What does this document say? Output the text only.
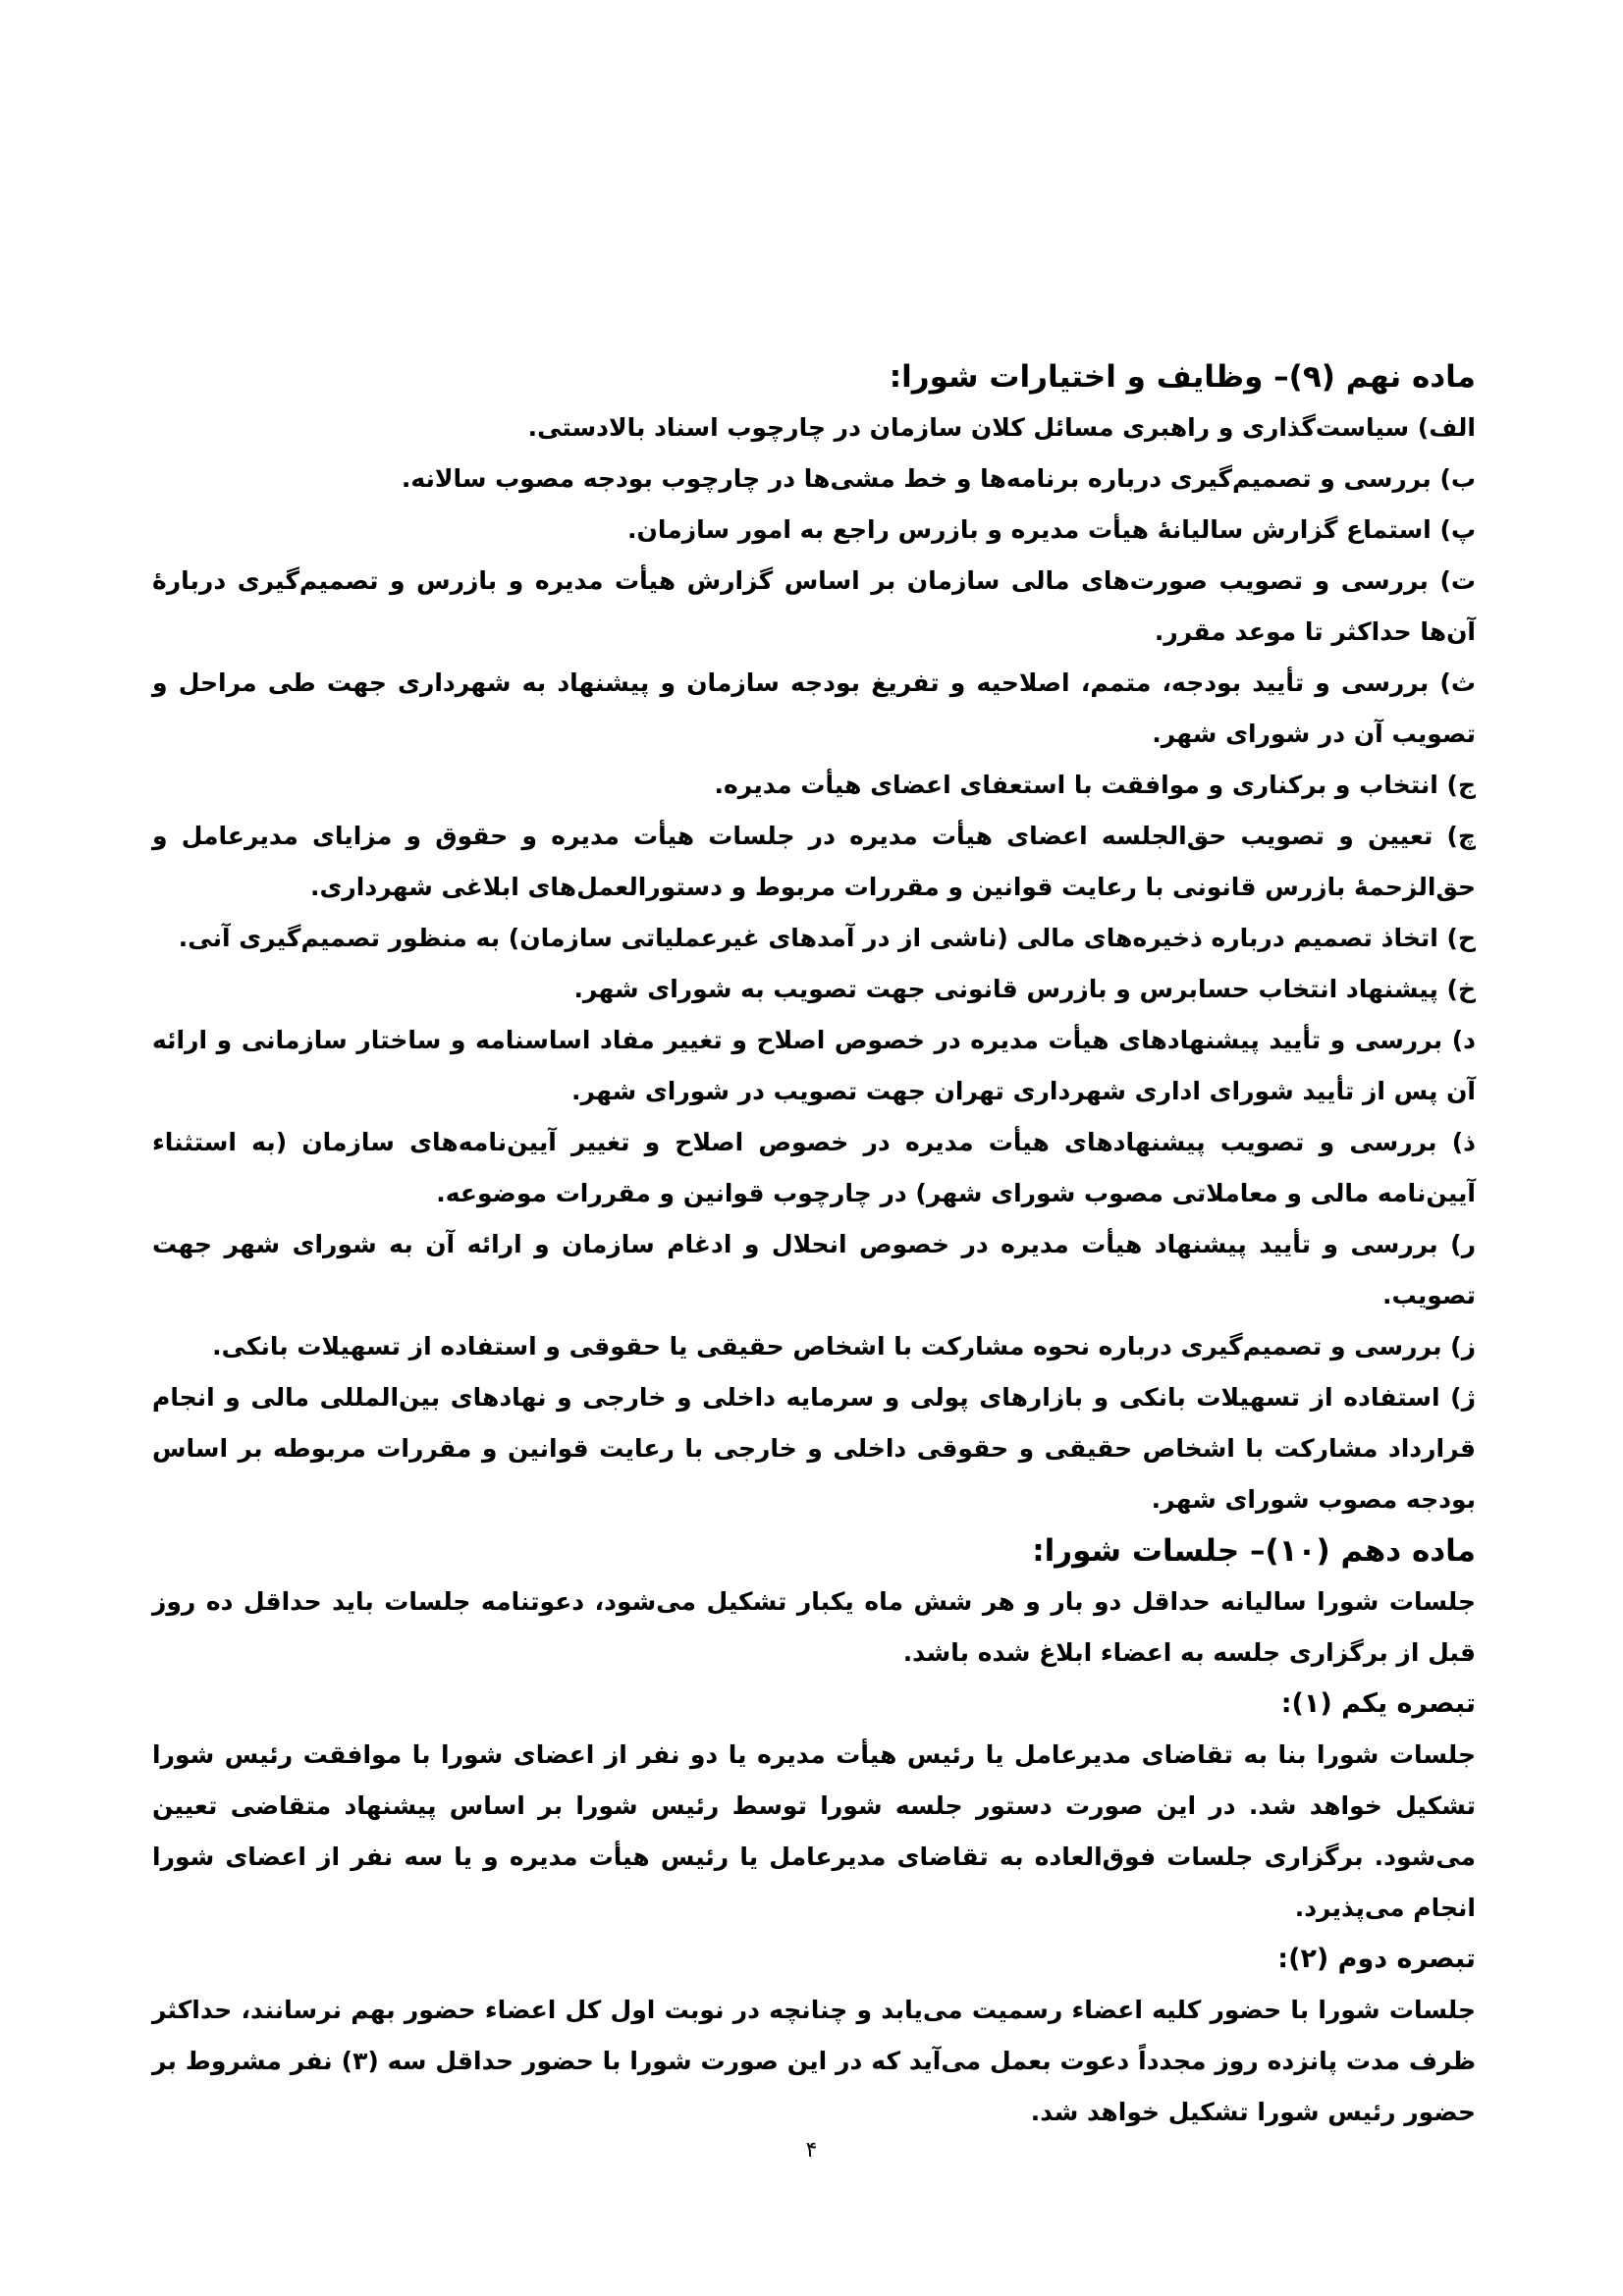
ماده نهم (۹)– وظایف و اختیارات شورا:

الف) سیاست‌گذاری و راهبری مسائل کلان سازمان در چارچوب اسناد بالادستی.

ب) بررسی و تصمیم‌گیری درباره برنامه‌ها و خط مشی‌ها در چارچوب بودجه مصوب سالانه.

پ) استماع گزارش سالیانهٔ هیأت مدیره و بازرس راجع به امور سازمان.

ت) بررسی و تصویب صورت‌های مالی سازمان بر اساس گزارش هیأت مدیره و بازرس و تصمیم‌گیری دربارهٔ آن‌ها حداکثر تا موعد مقرر.

ث) بررسی و تأیید بودجه، متمم، اصلاحیه و تفریغ بودجه سازمان و پیشنهاد به شهرداری جهت طی مراحل و تصویب آن در شورای شهر.

ج) انتخاب و برکناری و موافقت با استعفای اعضای هیأت مدیره.

چ) تعیین و تصویب حق‌الجلسه اعضای هیأت مدیره در جلسات هیأت مدیره و حقوق و مزایای مدیرعامل و حق‌الزحمهٔ بازرس قانونی با رعایت قوانین و مقررات مربوط و دستورالعمل‌های ابلاغی شهرداری.

ح) اتخاذ تصمیم درباره ذخیره‌های مالی (ناشی از در آمدهای غیرعملیاتی سازمان) به منظور تصمیم‌گیری آنی.

خ) پیشنهاد انتخاب حسابرس و بازرس قانونی جهت تصویب به شورای شهر.

د) بررسی و تأیید پیشنهادهای هیأت مدیره در خصوص اصلاح و تغییر مفاد اساسنامه و ساختار سازمانی و ارائه آن پس از تأیید شورای اداری شهرداری تهران جهت تصویب در شورای شهر.

ذ) بررسی و تصویب پیشنهادهای هیأت مدیره در خصوص اصلاح و تغییر آیین‌نامه‌های سازمان (به استثناء آیین‌نامه مالی و معاملاتی مصوب شورای شهر) در چارچوب قوانین و مقررات موضوعه.

ر) بررسی و تأیید پیشنهاد هیأت مدیره در خصوص انحلال و ادغام سازمان و ارائه آن به شورای شهر جهت تصویب.

ز) بررسی و تصمیم‌گیری درباره نحوه مشارکت با اشخاص حقیقی یا حقوقی و استفاده از تسهیلات بانکی.

ژ) استفاده از تسهیلات بانکی و بازارهای پولی و سرمایه داخلی و خارجی و نهادهای بین‌المللی مالی و انجام قرارداد مشارکت با اشخاص حقیقی و حقوقی داخلی و خارجی با رعایت قوانین و مقررات مربوطه بر اساس بودجه مصوب شورای شهر.

ماده دهم (۱۰)– جلسات شورا:

جلسات شورا سالیانه حداقل دو بار و هر شش ماه یکبار تشکیل می‌شود، دعوتنامه جلسات باید حداقل ده روز قبل از برگزاری جلسه به اعضاء ابلاغ شده باشد.

تبصره یکم (۱):

جلسات شورا بنا به تقاضای مدیرعامل یا رئیس هیأت مدیره یا دو نفر از اعضای شورا با موافقت رئیس شورا تشکیل خواهد شد. در این صورت دستور جلسه شورا توسط رئیس شورا بر اساس پیشنهاد متقاضی تعیین می‌شود. برگزاری جلسات فوق‌العاده به تقاضای مدیرعامل یا رئیس هیأت مدیره و یا سه نفر از اعضای شورا انجام می‌پذیرد.

تبصره دوم (۲):

جلسات شورا با حضور کلیه اعضاء رسمیت می‌یابد و چنانچه در نوبت اول کل اعضاء حضور بهم نرسانند، حداکثر ظرف مدت پانزده روز مجدداً دعوت بعمل می‌آید که در این صورت شورا با حضور حداقل سه (۳) نفر مشروط بر حضور رئیس شورا تشکیل خواهد شد.

۴
